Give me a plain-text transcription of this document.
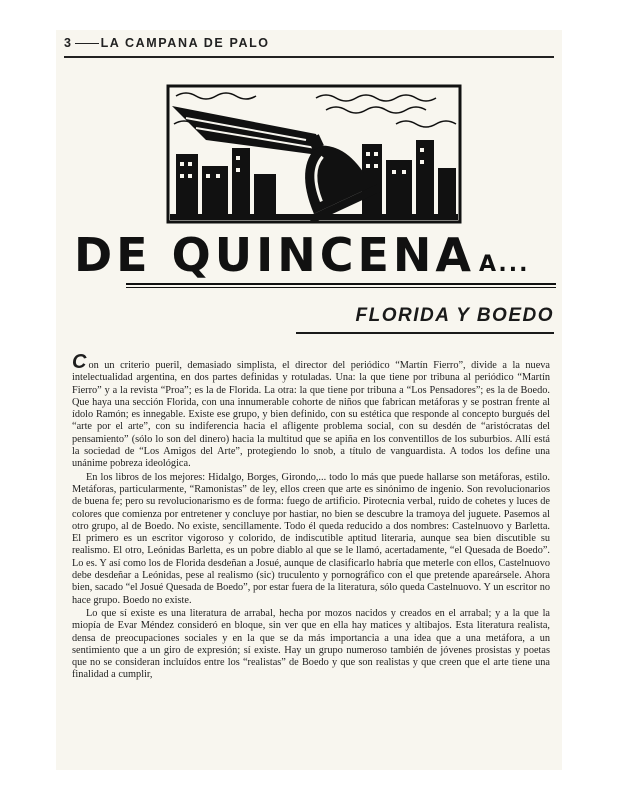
3 LA CAMPANA DE PALO
DE QUINCENA A...
FLORIDA Y BOEDO

Con un criterio pueril, demasiado simplista, el director del periódico “Martín Fierro”, divide a la nueva intelectualidad argentina, en dos partes definidas y rotuladas. Una: la que tiene por tribuna al periódico “Martín Fierro” y a la revista “Proa”; es la de Florida. La otra: la que tiene por tribuna a “Los Pensadores”; es la de Boedo. Que haya una sección Florida, con una innumerable cohorte de niños que fabrican metáforas y se postran frente al ídolo Ramón; es innegable. Existe ese grupo, y bien definido, con su estética que responde al concepto burgués del “arte por el arte”, con su indiferencia hacia el afligente problema social, con su desdén de “aristócratas del pensamiento” (sólo lo son del dinero) hacia la multitud que se apiña en los conventillos de los suburbios. Allí está la sociedad de “Los Amigos del Arte”, protegiendo lo snob, a título de vanguardista. A todos los define una unánime pobreza ideológica.

En los libros de los mejores: Hidalgo, Borges, Girondo,... todo lo más que puede hallarse son metáforas, estilo. Metáforas, particularmente, “Ramonistas” de ley, ellos creen que arte es sinónimo de ingenio. Son revolucionarios de buena fe; pero su revolucionarismo es de forma: fuego de artificio. Pirotecnia verbal, ruido de cohetes y luces de colores que comienza por entretener y concluye por hastiar, no bien se descubre la tramoya del juguete. Pasemos al otro grupo, al de Boedo. No existe, sencillamente. Todo él queda reducido a dos nombres: Castelnuovo y Barletta. El primero es un escritor vigoroso y colorido, de indiscutible aptitud literaria, aunque sea bien discutible su realismo. El otro, Leónidas Barletta, es un pobre diablo al que se le llamó, acertadamente, “el Quesada de Boedo”. Lo es. Y así como los de Florida desdeñan a Josué, aunque de clasificarlo habría que meterle con ellos, Castelnuovo debe desdeñar a Leónidas, pese al realismo (sic) truculento y pornográfico con el que pretende apareársele. Ahora bien, sacado “el Josué Quesada de Boedo”, por estar fuera de la literatura, sólo queda Castelnuovo. Y un escritor no hace grupo. Boedo no existe.

Lo que sí existe es una literatura de arrabal, hecha por mozos nacidos y creados en el arrabal; y a la que la miopía de Evar Méndez consideró en bloque, sin ver que en ella hay matices y altibajos. Esta literatura realista, densa de preocupaciones sociales y en la que se da más importancia a una idea que a una metáfora, a un sentimiento que a un giro de expresión; sí existe. Hay un grupo numeroso también de jóvenes prosistas y poetas que no se consideran incluídos entre los “realistas” de Boedo y que son realistas y que creen que el arte tiene una finalidad a cumplir,
